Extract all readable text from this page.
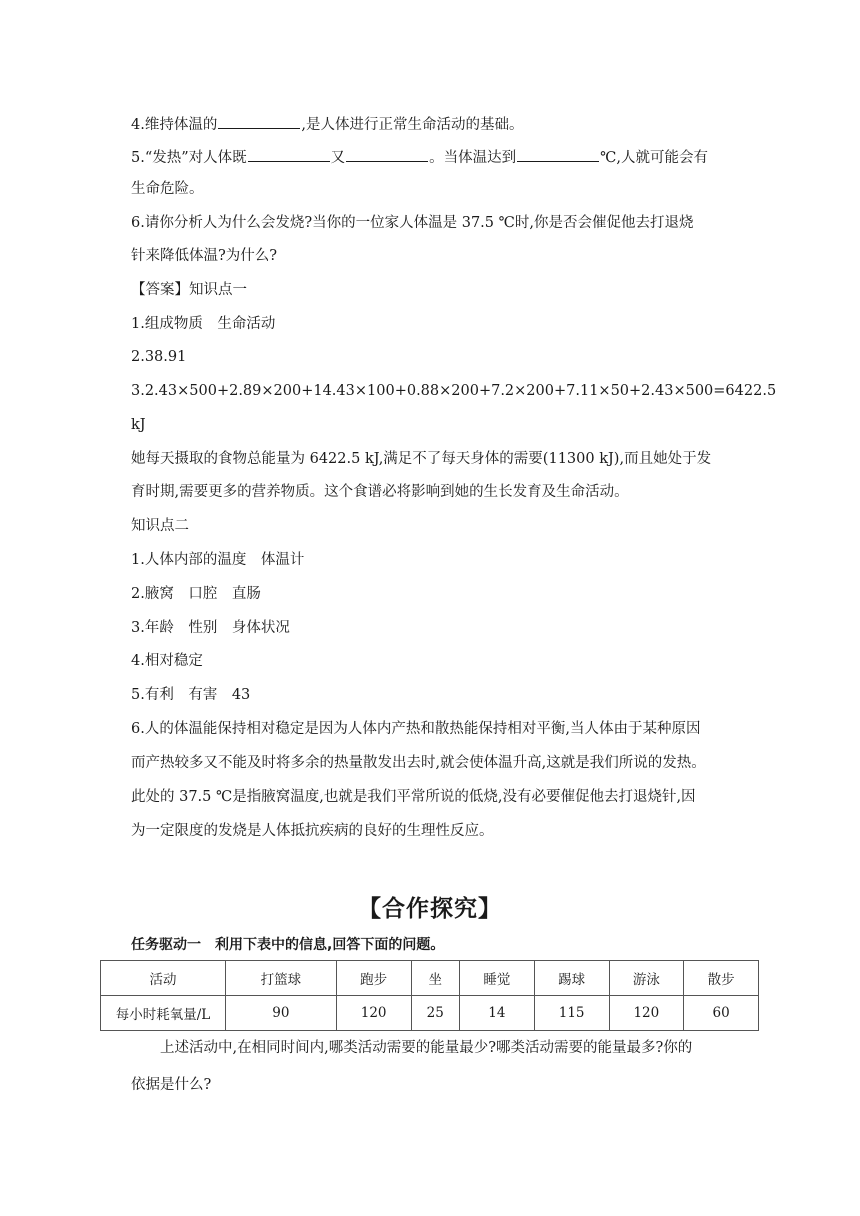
4.维持体温的	,是人体进行正常生命活动的基础。
5.“发热”对人体既	又	。当体温达到	℃,人就可能会有
生命危险。
6.请你分析人为什么会发烧?当你的一位家人体温是 37.5 ℃时,你是否会催促他去打退烧
针来降低体温?为什么?
【答案】知识点一
1.组成物质　生命活动
2.38.91
3.2.43×500+2.89×200+14.43×100+0.88×200+7.2×200+7.11×50+2.43×500=6422.5
kJ
她每天摄取的食物总能量为 6422.5 kJ,满足不了每天身体的需要(11300 kJ),而且她处于发
育时期,需要更多的营养物质。这个食谱必将影响到她的生长发育及生命活动。
知识点二
1.人体内部的温度　体温计
2.腋窝　口腔　直肠
3.年龄　性别　身体状况
4.相对稳定
5.有利　有害　43
6.人的体温能保持相对稳定是因为人体内产热和散热能保持相对平衡,当人体由于某种原因
而产热较多又不能及时将多余的热量散发出去时,就会使体温升高,这就是我们所说的发热。
此处的 37.5 ℃是指腋窝温度,也就是我们平常所说的低烧,没有必要催促他去打退烧针,因
为一定限度的发烧是人体抵抗疾病的良好的生理性反应。
【合作探究】
任务驱动一　利用下表中的信息,回答下面的问题。
活动	打篮球	跑步	坐	睡觉	踢球	游泳	散步
每小时耗氧量/L	90	120	25	14	115	120	60
上述活动中,在相同时间内,哪类活动需要的能量最少?哪类活动需要的能量最多?你的
依据是什么?
